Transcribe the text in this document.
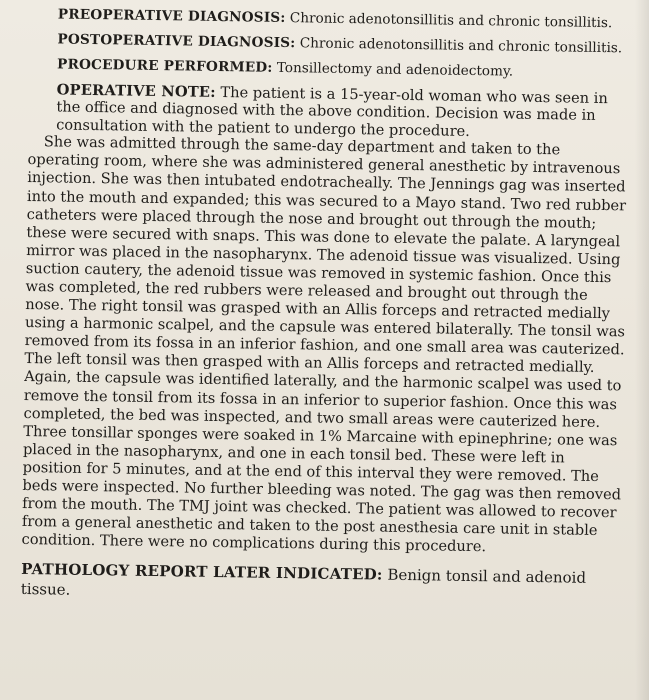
PREOPERATIVE DIAGNOSIS: Chronic adenotonsillitis and chronic tonsillitis.
POSTOPERATIVE DIAGNOSIS: Chronic adenotonsillitis and chronic tonsillitis.
PROCEDURE PERFORMED: Tonsillectomy and adenoidectomy.

OPERATIVE NOTE: The patient is a 15-year-old woman who was seen in the office and diagnosed with the above condition. Decision was made in consultation with the patient to undergo the procedure.

She was admitted through the same-day department and taken to the operating room, where she was administered general anesthetic by intravenous injection. She was then intubated endotracheally. The Jennings gag was inserted into the mouth and expanded; this was secured to a Mayo stand. Two red rubber catheters were placed through the nose and brought out through the mouth; these were secured with snaps. This was done to elevate the palate. A laryngeal mirror was placed in the nasopharynx. The adenoid tissue was visualized. Using suction cautery, the adenoid tissue was removed in systemic fashion. Once this was completed, the red rubbers were released and brought out through the nose. The right tonsil was grasped with an Allis forceps and retracted medially using a harmonic scalpel, and the capsule was entered bilaterally. The tonsil was removed from its fossa in an inferior fashion, and one small area was cauterized. The left tonsil was then grasped with an Allis forceps and retracted medially. Again, the capsule was identified laterally, and the harmonic scalpel was used to remove the tonsil from its fossa in an inferior to superior fashion. Once this was completed, the bed was inspected, and two small areas were cauterized here. Three tonsillar sponges were soaked in 1% Marcaine with epinephrine; one was placed in the nasopharynx, and one in each tonsil bed. These were left in position for 5 minutes, and at the end of this interval they were removed. The beds were inspected. No further bleeding was noted. The gag was then removed from the mouth. The TMJ joint was checked. The patient was allowed to recover from a general anesthetic and taken to the post anesthesia care unit in stable condition. There were no complications during this procedure.

PATHOLOGY REPORT LATER INDICATED: Benign tonsil and adenoid tissue.
